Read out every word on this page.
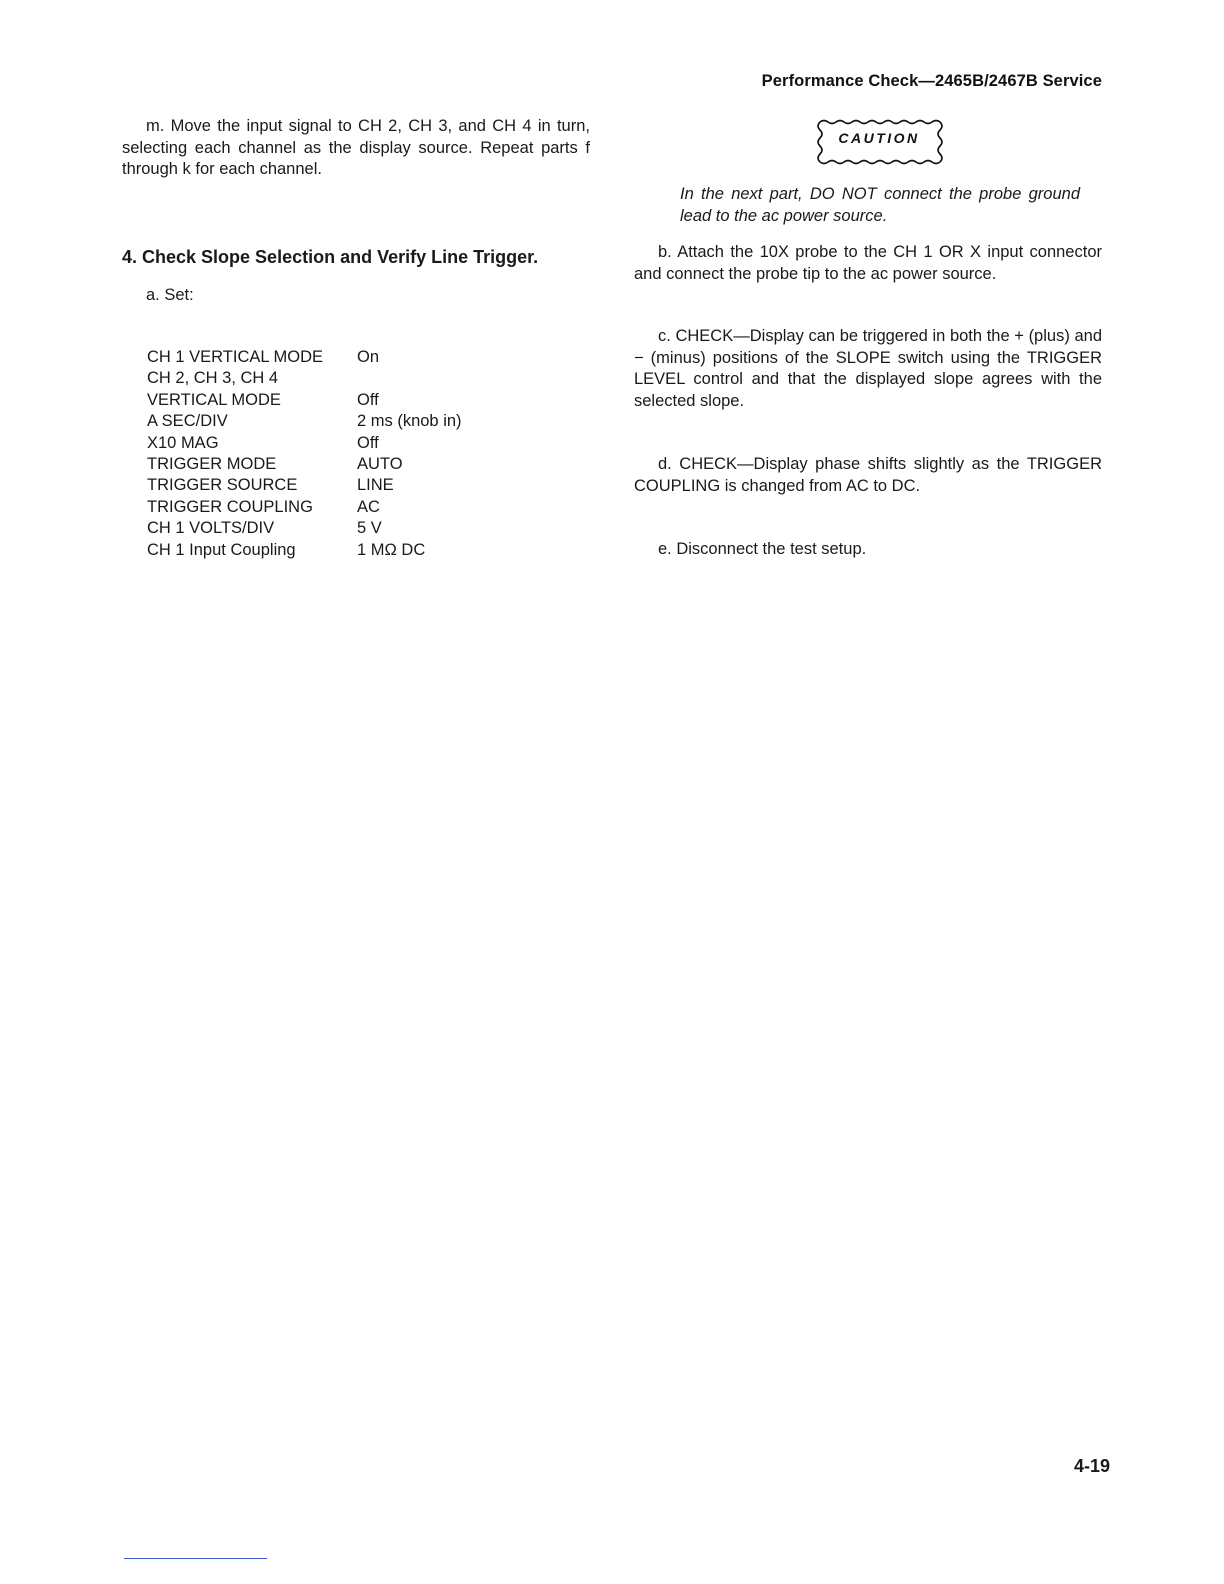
Performance Check—2465B/2467B Service

m. Move the input signal to CH 2, CH 3, and CH 4 in turn, selecting each channel as the display source. Repeat parts f through k for each channel.

4. Check Slope Selection and Verify Line Trigger.

a. Set:

CH 1 VERTICAL MODE	On
CH 2, CH 3, CH 4	
VERTICAL MODE	Off
A SEC/DIV	2 ms (knob in)
X10 MAG	Off
TRIGGER MODE	AUTO
TRIGGER SOURCE	LINE
TRIGGER COUPLING	AC
CH 1 VOLTS/DIV	5 V
CH 1 Input Coupling	1 MΩ DC
CAUTION

In the next part, DO NOT connect the probe ground lead to the ac power source.

b. Attach the 10X probe to the CH 1 OR X input connector and connect the probe tip to the ac power source.

c. CHECK—Display can be triggered in both the + (plus) and − (minus) positions of the SLOPE switch using the TRIGGER LEVEL control and that the displayed slope agrees with the selected slope.

d. CHECK—Display phase shifts slightly as the TRIGGER COUPLING is changed from AC to DC.

e. Disconnect the test setup.

4-19
